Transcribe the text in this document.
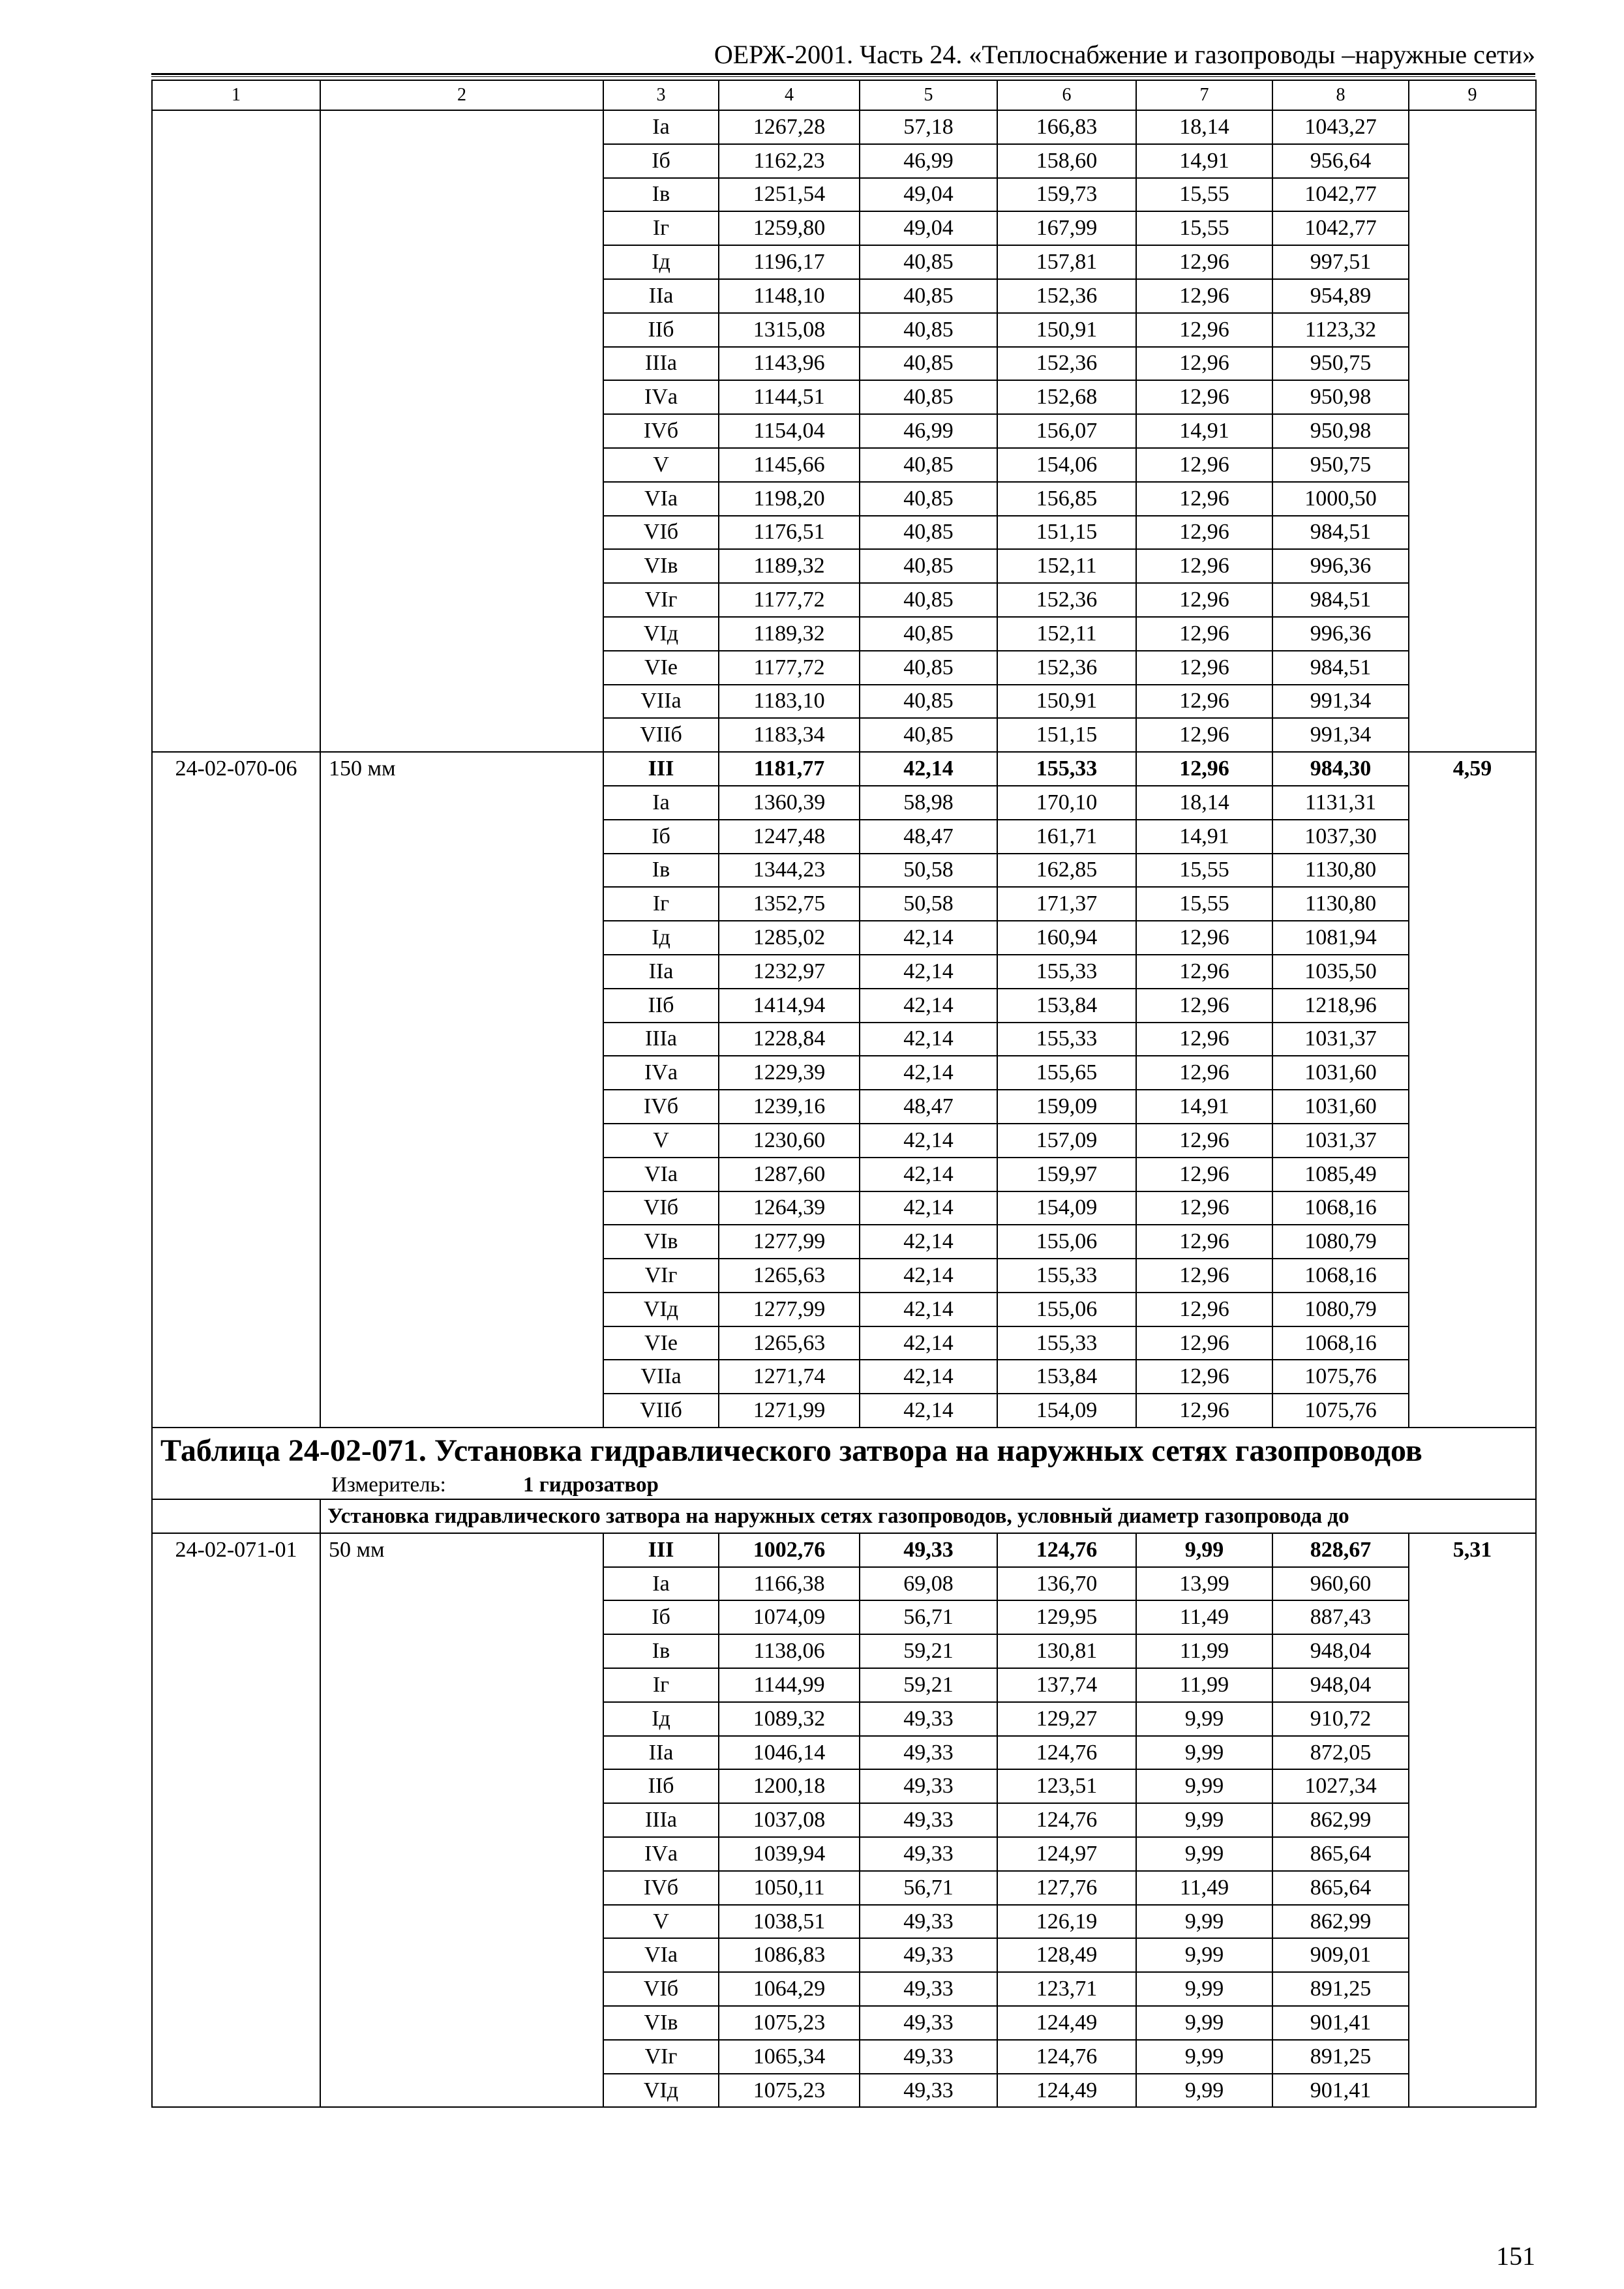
ОЕРЖ-2001. Часть 24. «Теплоснабжение и газопроводы –наружные сети»
1	2	3	4	5	6	7	8	9
		Iа	1267,28	57,18	166,83	18,14	1043,27	
		Iб	1162,23	46,99	158,60	14,91	956,64	
		Iв	1251,54	49,04	159,73	15,55	1042,77	
		Iг	1259,80	49,04	167,99	15,55	1042,77	
		Iд	1196,17	40,85	157,81	12,96	997,51	
		IIа	1148,10	40,85	152,36	12,96	954,89	
		IIб	1315,08	40,85	150,91	12,96	1123,32	
		IIIа	1143,96	40,85	152,36	12,96	950,75	
		IVа	1144,51	40,85	152,68	12,96	950,98	
		IVб	1154,04	46,99	156,07	14,91	950,98	
		V	1145,66	40,85	154,06	12,96	950,75	
		VIа	1198,20	40,85	156,85	12,96	1000,50	
		VIб	1176,51	40,85	151,15	12,96	984,51	
		VIв	1189,32	40,85	152,11	12,96	996,36	
		VIг	1177,72	40,85	152,36	12,96	984,51	
		VIд	1189,32	40,85	152,11	12,96	996,36	
		VIе	1177,72	40,85	152,36	12,96	984,51	
		VIIа	1183,10	40,85	150,91	12,96	991,34	
		VIIб	1183,34	40,85	151,15	12,96	991,34	
24-02-070-06	150 мм	III	1181,77	42,14	155,33	12,96	984,30	4,59
		Iа	1360,39	58,98	170,10	18,14	1131,31	
		Iб	1247,48	48,47	161,71	14,91	1037,30	
		Iв	1344,23	50,58	162,85	15,55	1130,80	
		Iг	1352,75	50,58	171,37	15,55	1130,80	
		Iд	1285,02	42,14	160,94	12,96	1081,94	
		IIа	1232,97	42,14	155,33	12,96	1035,50	
		IIб	1414,94	42,14	153,84	12,96	1218,96	
		IIIа	1228,84	42,14	155,33	12,96	1031,37	
		IVа	1229,39	42,14	155,65	12,96	1031,60	
		IVб	1239,16	48,47	159,09	14,91	1031,60	
		V	1230,60	42,14	157,09	12,96	1031,37	
		VIа	1287,60	42,14	159,97	12,96	1085,49	
		VIб	1264,39	42,14	154,09	12,96	1068,16	
		VIв	1277,99	42,14	155,06	12,96	1080,79	
		VIг	1265,63	42,14	155,33	12,96	1068,16	
		VIд	1277,99	42,14	155,06	12,96	1080,79	
		VIе	1265,63	42,14	155,33	12,96	1068,16	
		VIIа	1271,74	42,14	153,84	12,96	1075,76	
		VIIб	1271,99	42,14	154,09	12,96	1075,76	

Таблица 24-02-071. Установка гидравлического затвора на наружных сетях газопроводов
Измеритель: 1 гидрозатвор								

	Установка гидравлического затвора на наружных сетях газопроводов, условный диаметр газопровода до							
24-02-071-01	50 мм	III	1002,76	49,33	124,76	9,99	828,67	5,31
		Iа	1166,38	69,08	136,70	13,99	960,60	
		Iб	1074,09	56,71	129,95	11,49	887,43	
		Iв	1138,06	59,21	130,81	11,99	948,04	
		Iг	1144,99	59,21	137,74	11,99	948,04	
		Iд	1089,32	49,33	129,27	9,99	910,72	
		IIа	1046,14	49,33	124,76	9,99	872,05	
		IIб	1200,18	49,33	123,51	9,99	1027,34	
		IIIа	1037,08	49,33	124,76	9,99	862,99	
		IVа	1039,94	49,33	124,97	9,99	865,64	
		IVб	1050,11	56,71	127,76	11,49	865,64	
		V	1038,51	49,33	126,19	9,99	862,99	
		VIа	1086,83	49,33	128,49	9,99	909,01	
		VIб	1064,29	49,33	123,71	9,99	891,25	
		VIв	1075,23	49,33	124,49	9,99	901,41	
		VIг	1065,34	49,33	124,76	9,99	891,25	
		VIд	1075,23	49,33	124,49	9,99	901,41	
151
